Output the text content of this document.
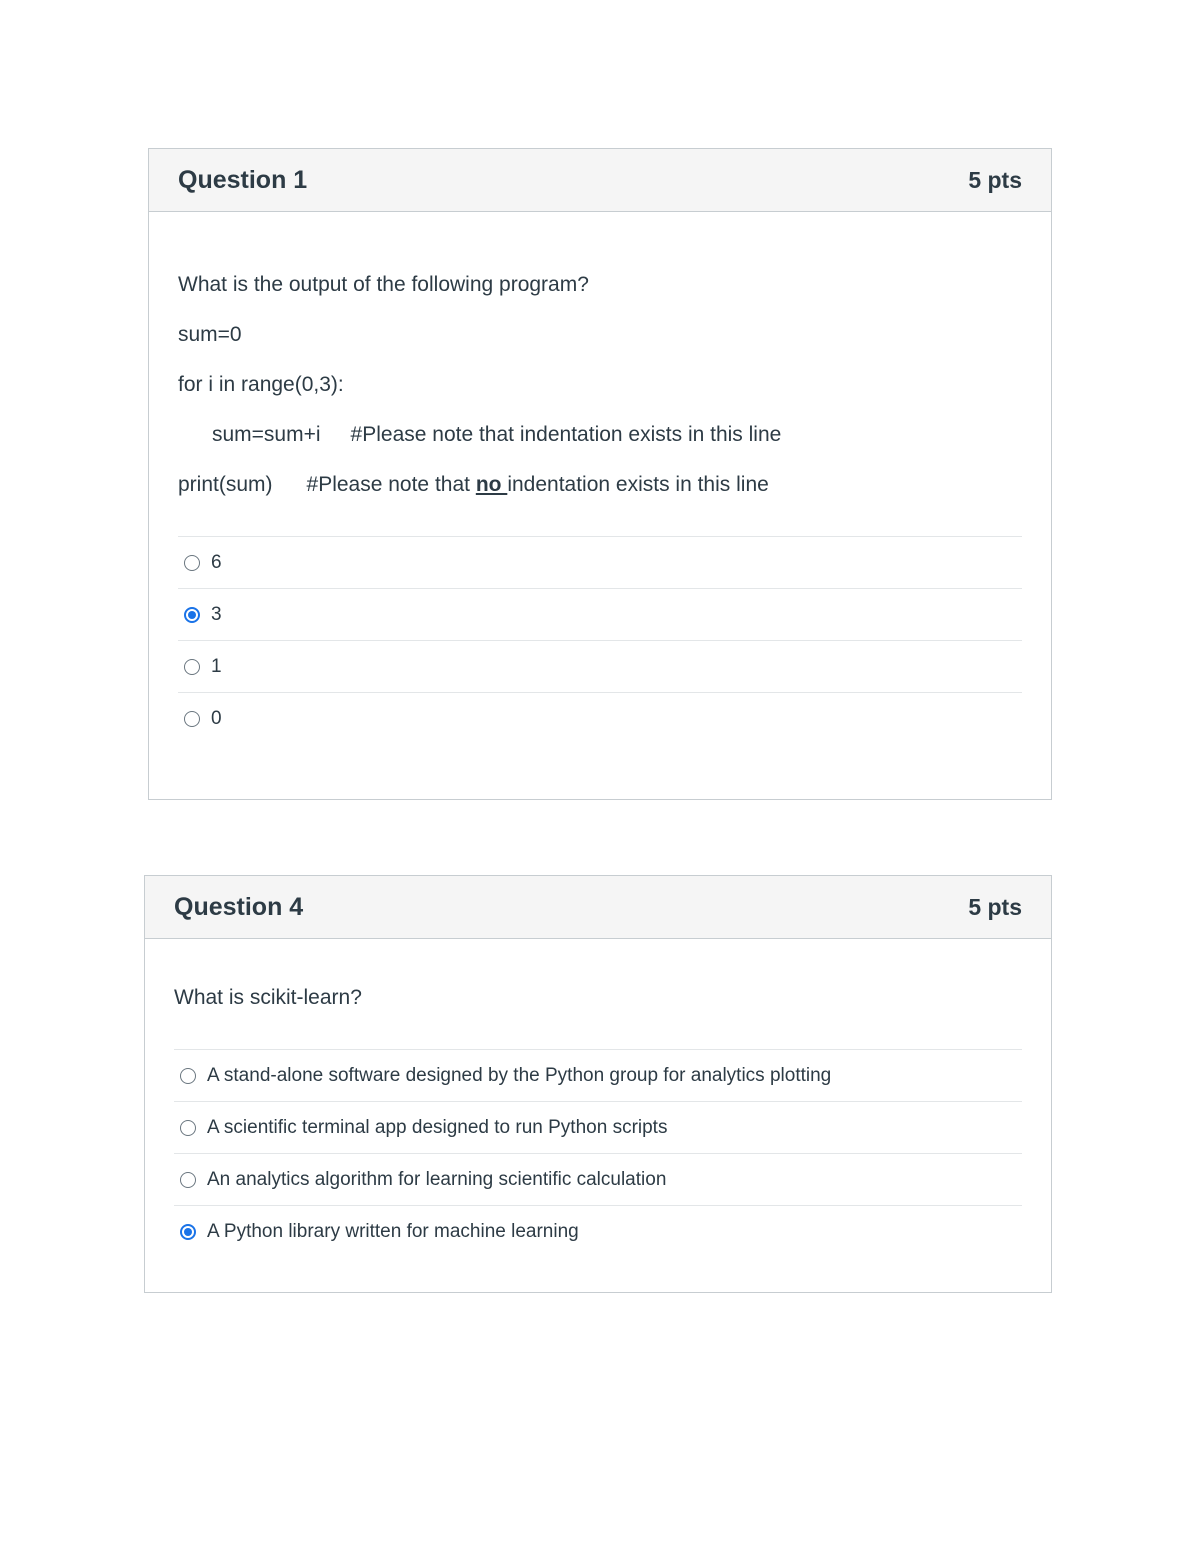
Question 1	5 pts

What is the output of the following program?

sum=0

for i in range(0,3):

sum=sum+i #Please note that indentation exists in this line

print(sum) #Please note that no indentation exists in this line

6
3
1
0
Question 4	5 pts

What is scikit-learn?

A stand-alone software designed by the Python group for analytics plotting
A scientific terminal app designed to run Python scripts
An analytics algorithm for learning scientific calculation
A Python library written for machine learning
